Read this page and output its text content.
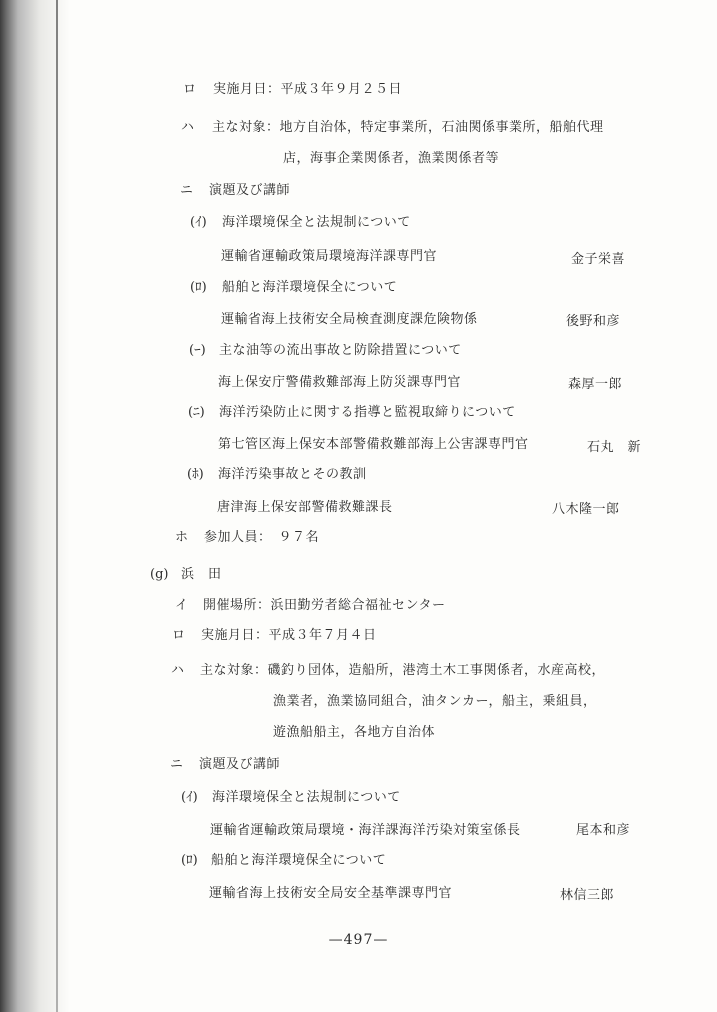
ロ 実施月日：平成３年９月２５日
ハ 主な対象：地方自治体，特定事業所，石油関係事業所，船舶代理
店，海事企業関係者，漁業関係者等
ニ 演題及び講師
(ｲ) 海洋環境保全と法規制について
運輸省運輸政策局環境海洋課専門官	金子栄喜
(ﾛ) 船舶と海洋環境保全について
運輸省海上技術安全局検査測度課危険物係	後野和彦
(ｰ) 主な油等の流出事故と防除措置について
海上保安庁警備救難部海上防災課専門官	森厚一郎
(ﾆ) 海洋汚染防止に関する指導と監視取締りについて
第七管区海上保安本部警備救難部海上公害課専門官	石丸　新
(ﾎ) 海洋汚染事故とその教訓
唐津海上保安部警備救難課長	八木隆一郎
ホ 参加人員：　９７名
(g) 浜　田
イ 開催場所：浜田勤労者総合福祉センター
ロ 実施月日：平成３年７月４日
ハ 主な対象：磯釣り団体，造船所，港湾土木工事関係者，水産高校，
漁業者，漁業協同組合，油タンカー，船主，乗組員，
遊漁船船主，各地方自治体
ニ 演題及び講師
(ｲ) 海洋環境保全と法規制について
運輸省運輸政策局環境・海洋課海洋汚染対策室係長	尾本和彦
(ﾛ) 船舶と海洋環境保全について
運輸省海上技術安全局安全基準課専門官	林信三郎
—497—
